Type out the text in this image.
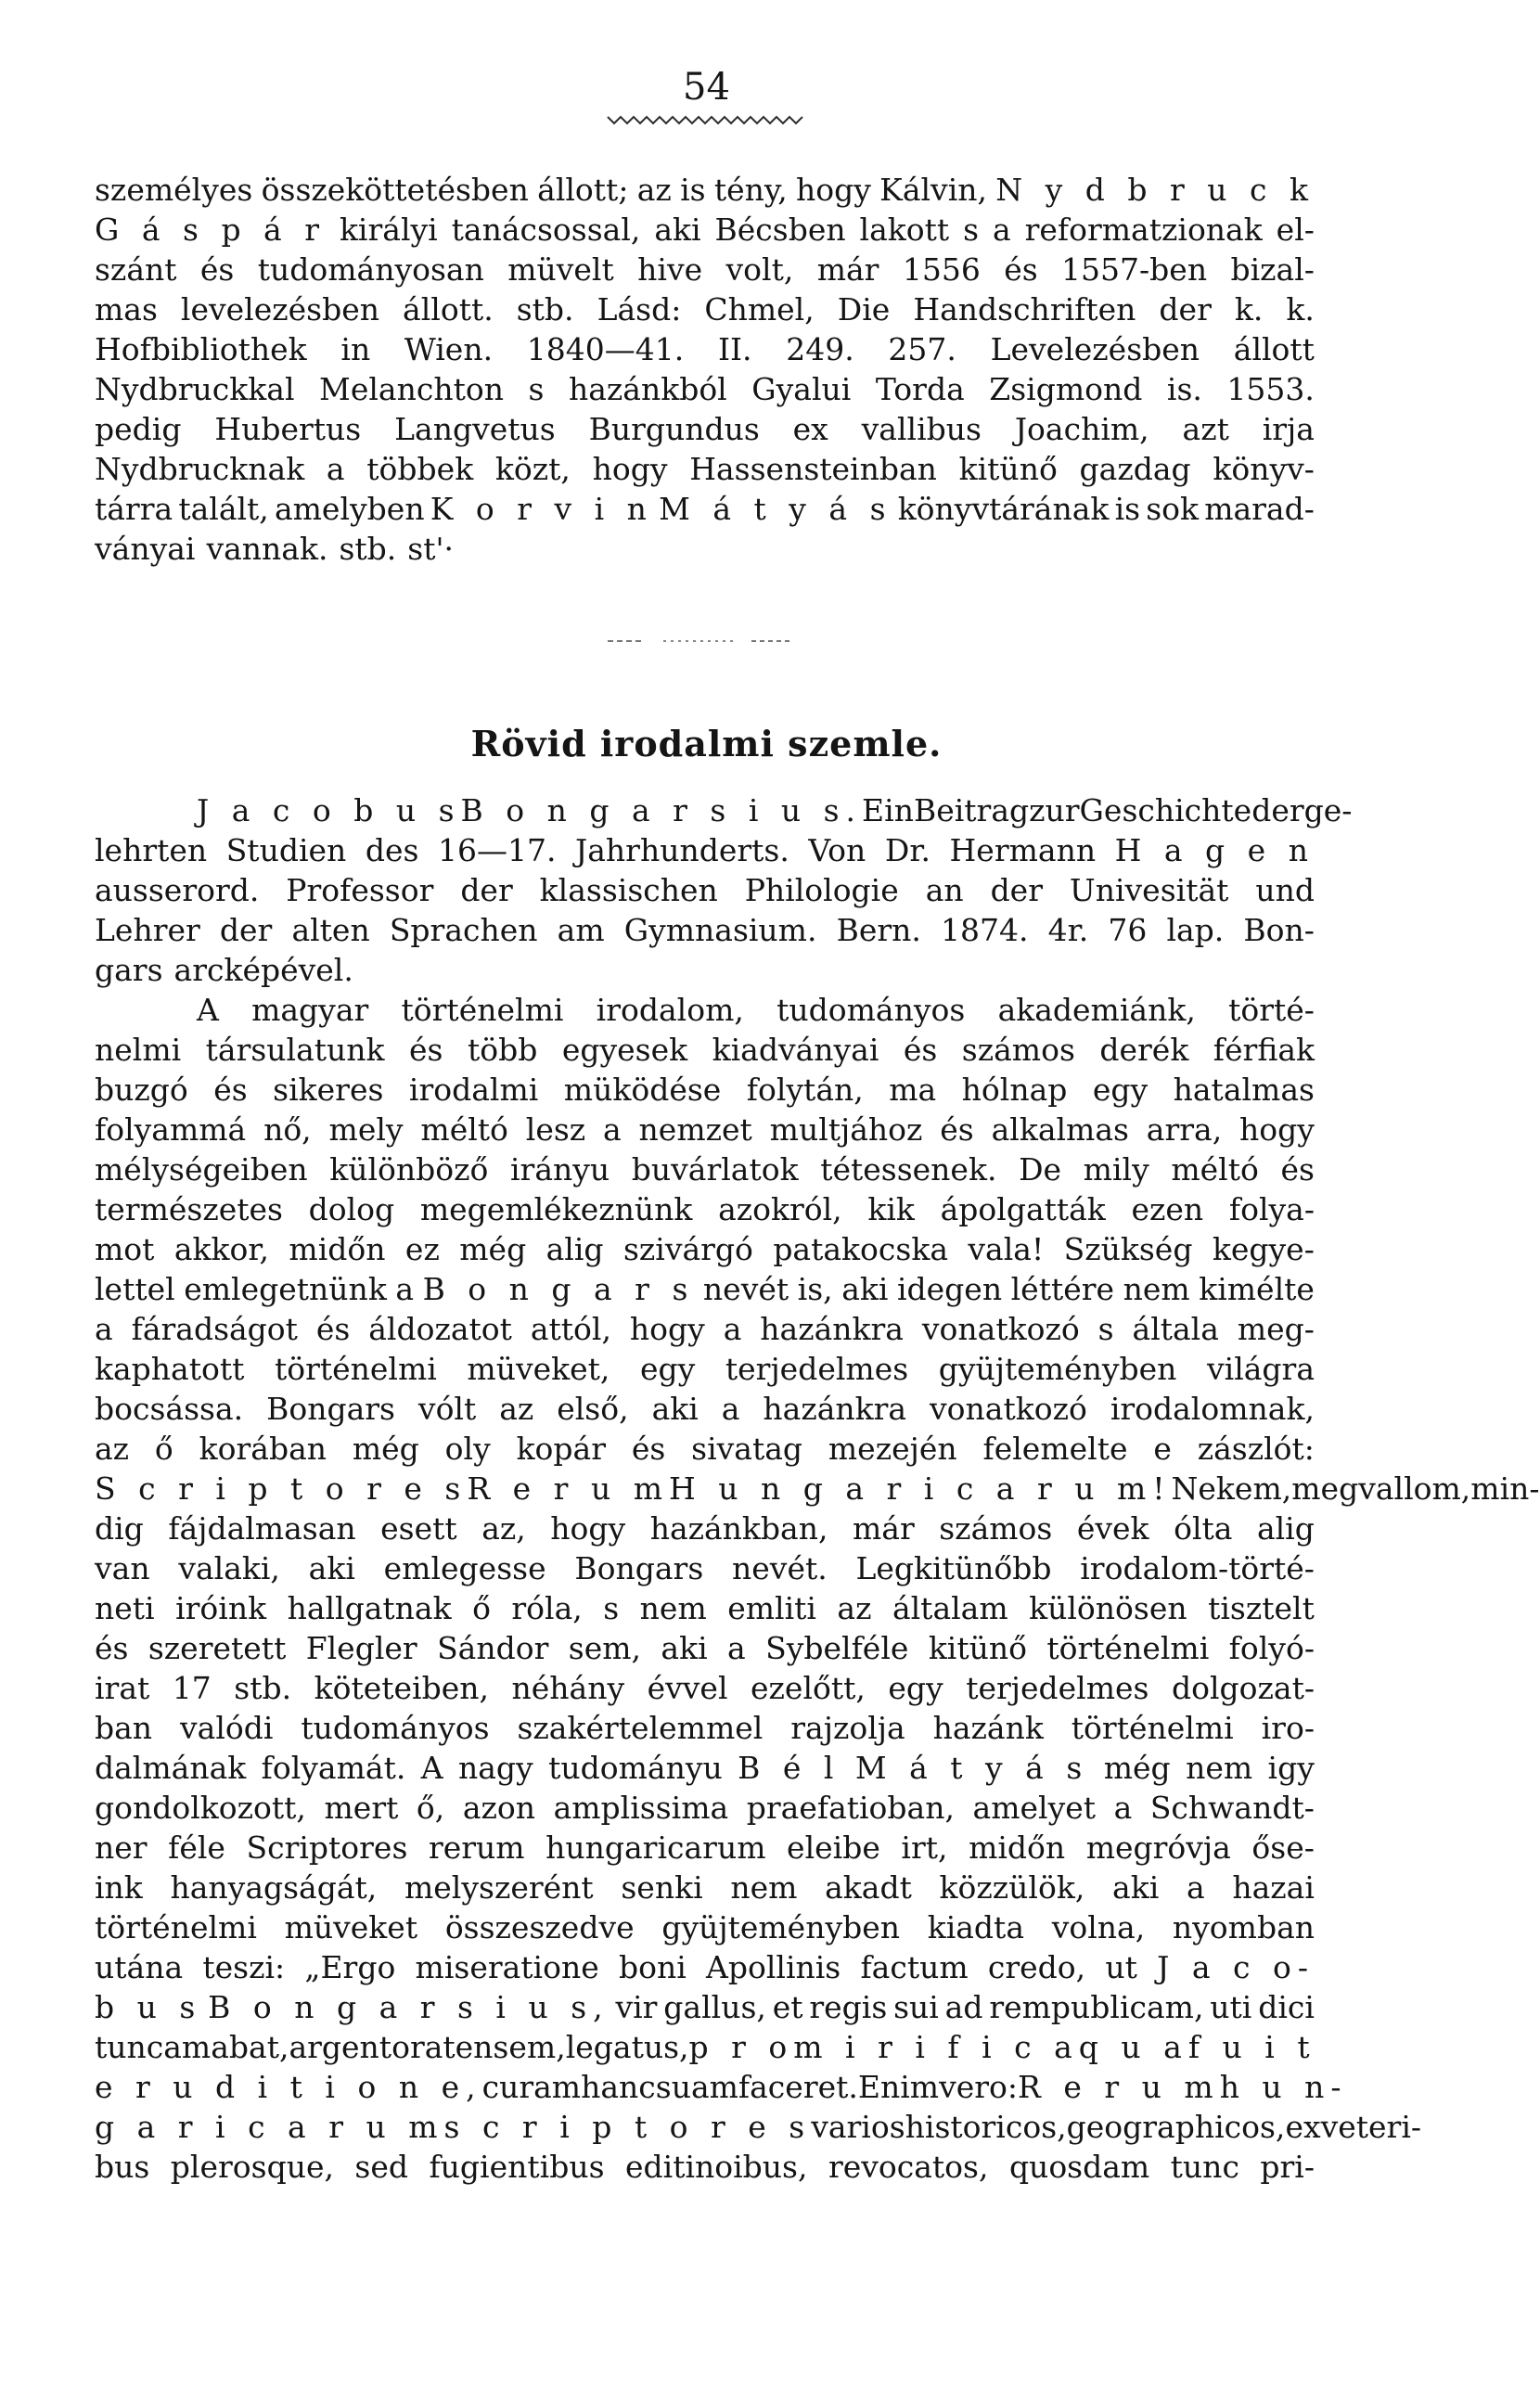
54
személyes összeköttetésben állott; az is tény, hogy Kálvin, N y d b r u c k
G á s p á r királyi tanácsossal, aki Bécsben lakott s a reformatzionak el-
szánt és tudományosan müvelt hive volt, már 1556 és 1557-ben bizal-
mas levelezésben állott. stb. Lásd: Chmel, Die Handschriften der k. k.
Hofbibliothek in Wien. 1840—41. II. 249. 257. Levelezésben állott
Nydbruckkal Melanchton s hazánkból Gyalui Torda Zsigmond is. 1553.
pedig Hubertus Langvetus Burgundus ex vallibus Joachim, azt irja
Nydbrucknak a többek közt, hogy Hassensteinban kitünő gazdag könyv-
tárra talált, amelyben K o r v i n M á t y á s könyvtárának is sok marad-
ványai vannak. stb. st'·
Rövid irodalmi szemle.
J a c o b u s B o n g a r s i u s. Ein Beitrag zur Geschichte der ge-
lehrten Studien des 16—17. Jahrhunderts. Von Dr. Hermann H a g e n
ausserord. Professor der klassischen Philologie an der Univesität und
Lehrer der alten Sprachen am Gymnasium. Bern. 1874. 4r. 76 lap. Bon-
gars arcképével.
A magyar történelmi irodalom, tudományos akademiánk, törté-
nelmi társulatunk és több egyesek kiadványai és számos derék férfiak
buzgó és sikeres irodalmi müködése folytán, ma hólnap egy hatalmas
folyammá nő, mely méltó lesz a nemzet multjához és alkalmas arra, hogy
mélységeiben különböző irányu buvárlatok tétessenek. De mily méltó és
természetes dolog megemlékeznünk azokról, kik ápolgatták ezen folya-
mot akkor, midőn ez még alig szivárgó patakocska vala! Szükség kegye-
lettel emlegetnünk a B o n g a r s nevét is, aki idegen léttére nem kimélte
a fáradságot és áldozatot attól, hogy a hazánkra vonatkozó s általa meg-
kaphatott történelmi müveket, egy terjedelmes gyüjteményben világra
bocsássa. Bongars vólt az első, aki a hazánkra vonatkozó irodalomnak,
az ő korában még oly kopár és sivatag mezején felemelte e zászlót:
S c r i p t o r e s R e r u m H u n g a r i c a r u m! Nekem, megvallom, min-
dig fájdalmasan esett az, hogy hazánkban, már számos évek ólta alig
van valaki, aki emlegesse Bongars nevét. Legkitünőbb irodalom-törté-
neti iróink hallgatnak ő róla, s nem emliti az általam különösen tisztelt
és szeretett Flegler Sándor sem, aki a Sybelféle kitünő történelmi folyó-
irat 17 stb. köteteiben, néhány évvel ezelőtt, egy terjedelmes dolgozat-
ban valódi tudományos szakértelemmel rajzolja hazánk történelmi iro-
dalmának folyamát. A nagy tudományu B é l M á t y á s még nem igy
gondolkozott, mert ő, azon amplissima praefatioban, amelyet a Schwandt-
ner féle Scriptores rerum hungaricarum eleibe irt, midőn megróvja őse-
ink hanyagságát, melyszerént senki nem akadt közzülök, aki a hazai
történelmi müveket összeszedve gyüjteményben kiadta volna, nyomban
utána teszi: „Ergo miseratione boni Apollinis factum credo, ut J a c o-
b u s B o n g a r s i u s, vir gallus, et regis sui ad rempublicam, uti dici
tunc amabat, argentoratensem, legatus, p r o m i r i f i c a q u a f u i t
e r u d i t i o n e, curam hanc suam faceret. Enim vero: R e r u m h u n-
g a r i c a r u m s c r i p t o r e s varios historicos, geographicos, ex veteri-
bus plerosque, sed fugientibus editinoibus, revocatos, quosdam tunc pri-
